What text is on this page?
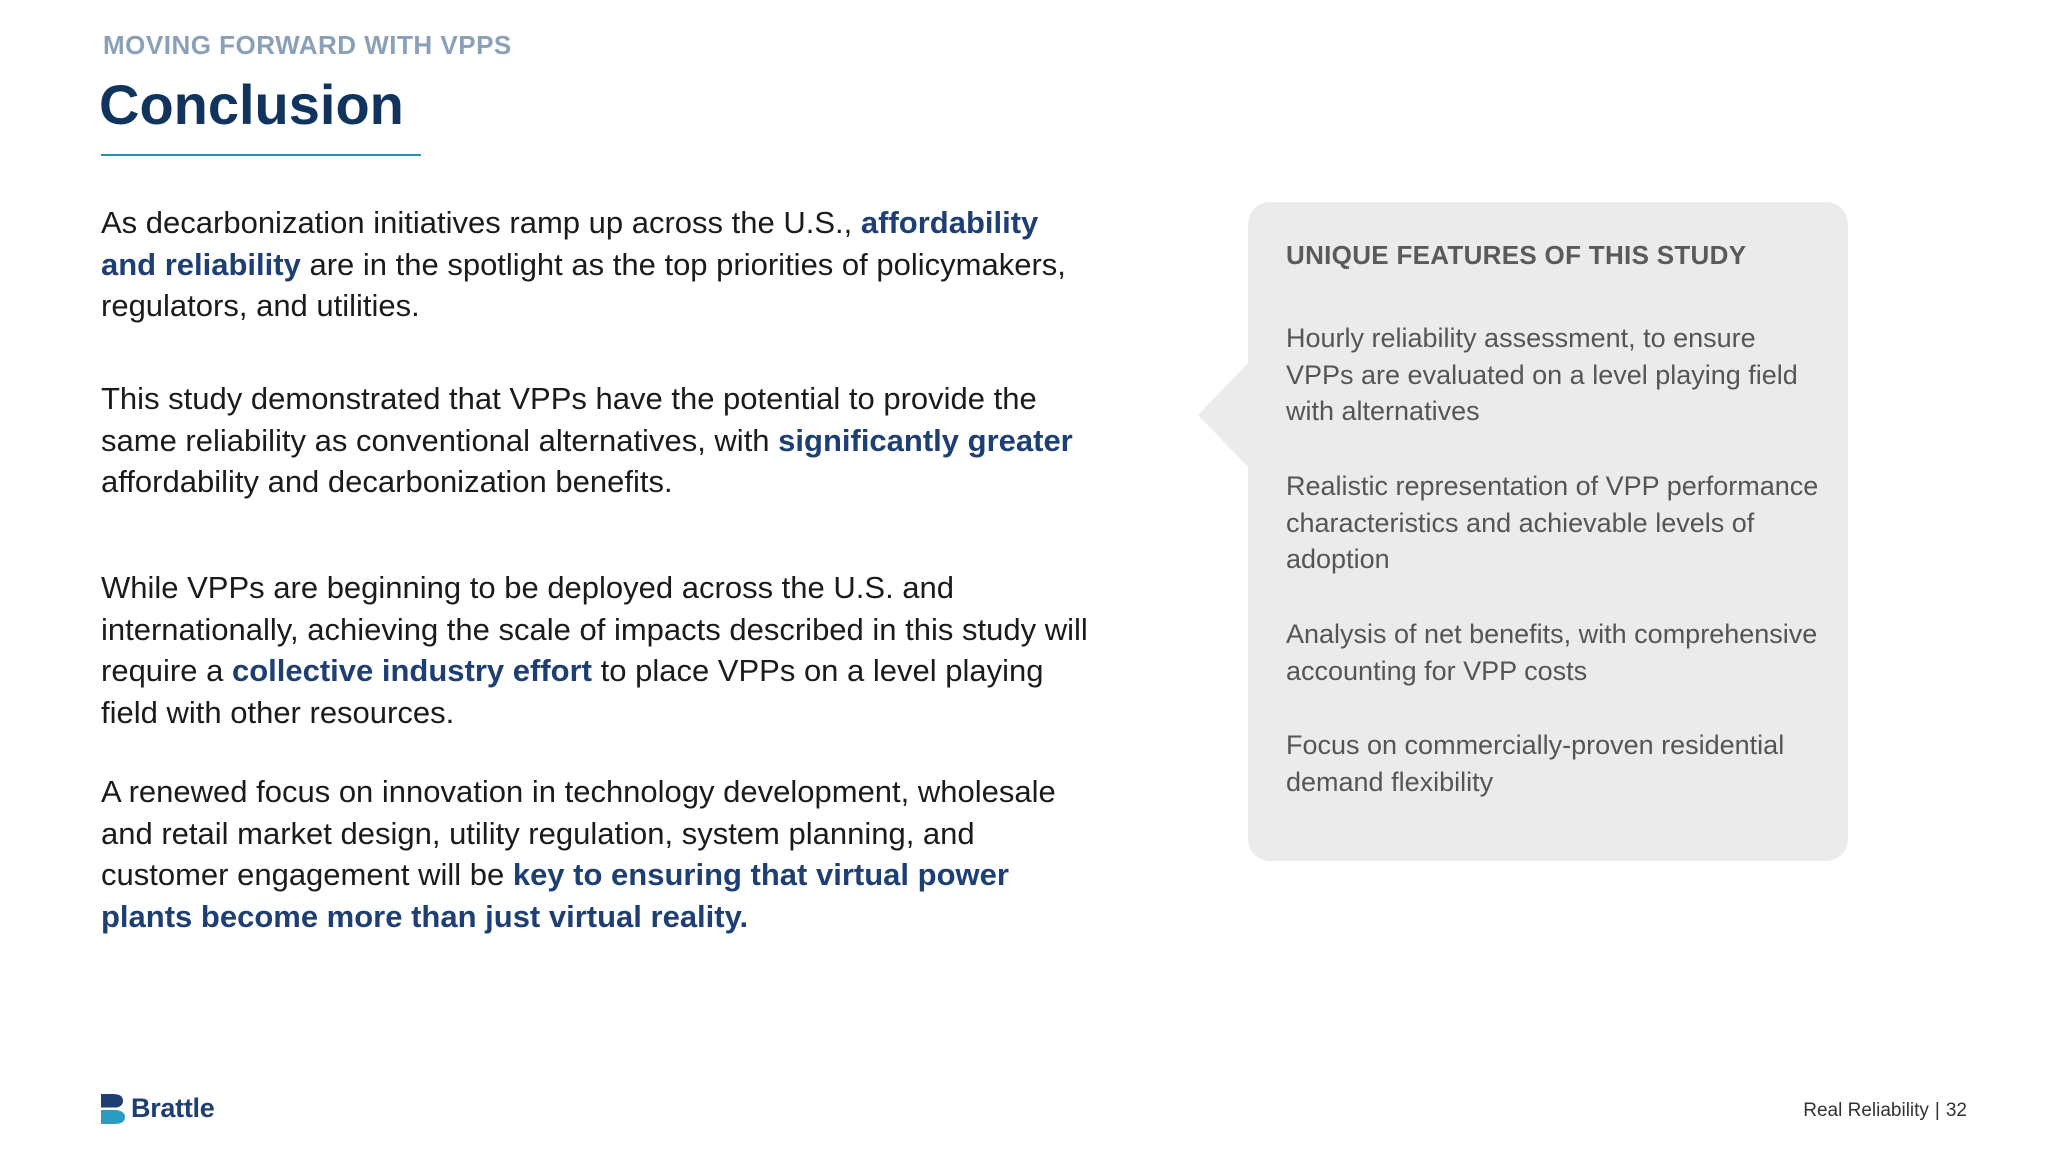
MOVING FORWARD WITH VPPS
Conclusion

As decarbonization initiatives ramp up across the U.S., affordability and reliability are in the spotlight as the top priorities of policymakers, regulators, and utilities.

This study demonstrated that VPPs have the potential to provide the same reliability as conventional alternatives, with significantly greater affordability and decarbonization benefits.

While VPPs are beginning to be deployed across the U.S. and internationally, achieving the scale of impacts described in this study will require a collective industry effort to place VPPs on a level playing field with other resources.

A renewed focus on innovation in technology development, wholesale and retail market design, utility regulation, system planning, and customer engagement will be key to ensuring that virtual power plants become more than just virtual reality.

UNIQUE FEATURES OF THIS STUDY

Hourly reliability assessment, to ensure VPPs are evaluated on a level playing field with alternatives

Realistic representation of VPP performance characteristics and achievable levels of adoption

Analysis of net benefits, with comprehensive accounting for VPP costs

Focus on commercially-proven residential demand flexibility

Brattle	Real Reliability | 32
